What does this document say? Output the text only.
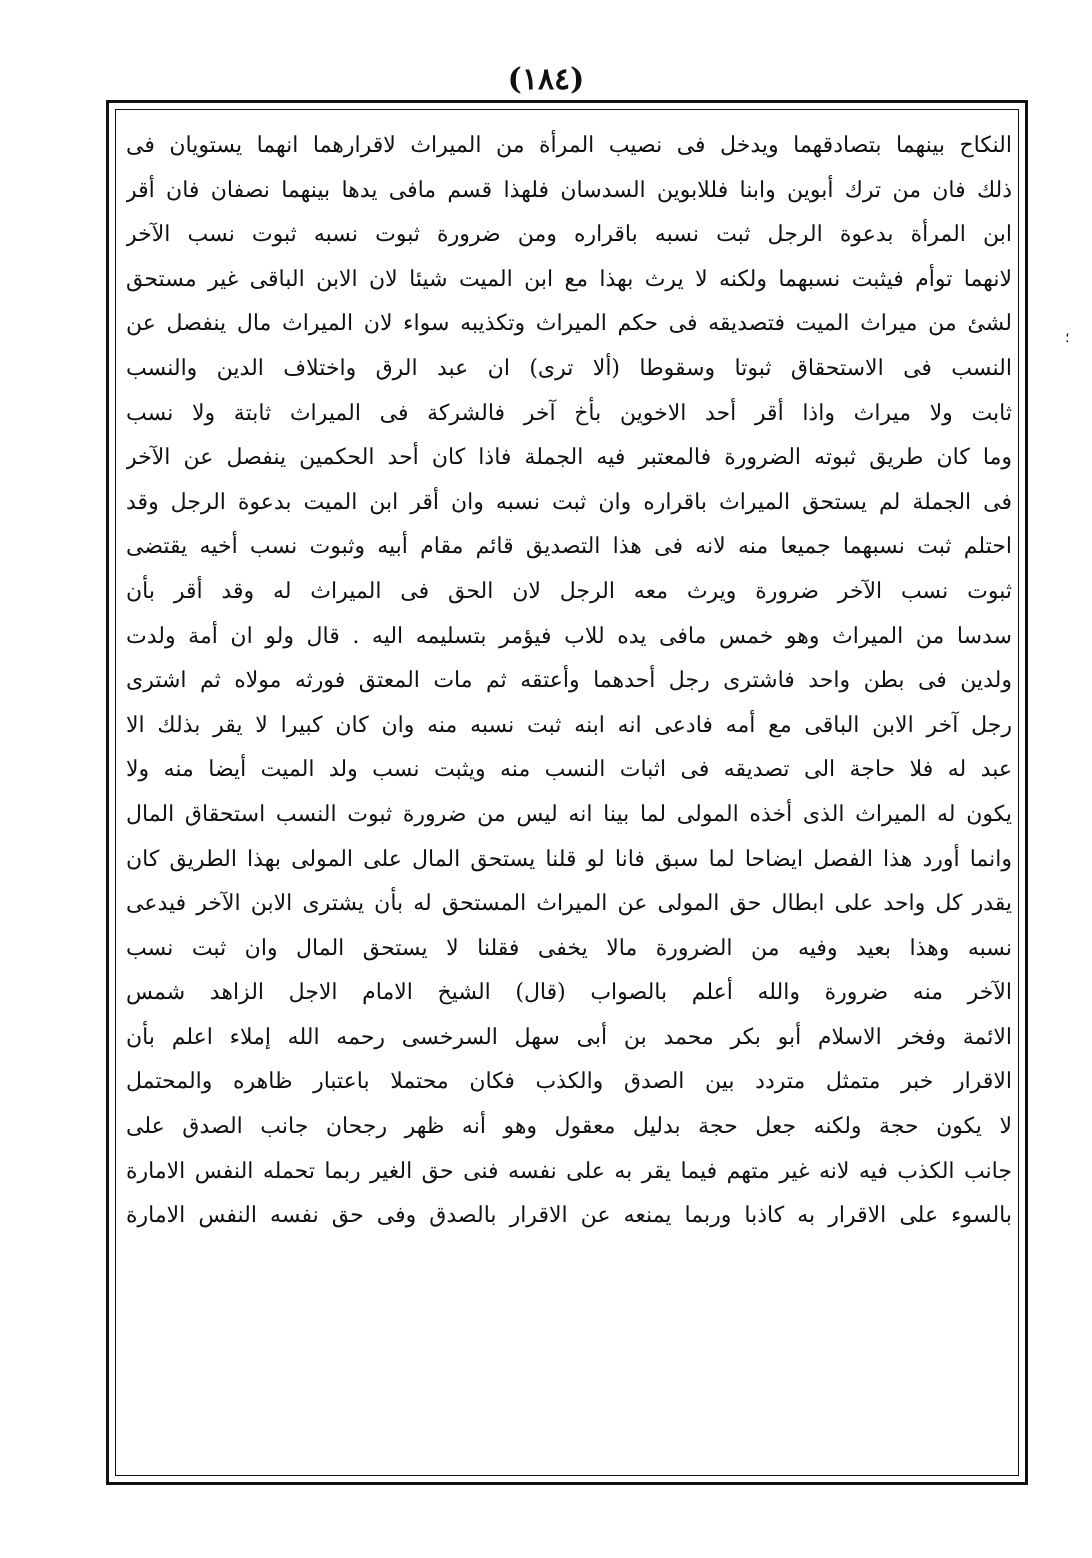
(١٨٤)
؛
النكاح بينهما بتصادقهما ويدخل فى نصيب المرأة من الميراث لاقرارهما انهما يستويان فى
ذلك فان من ترك أبوين وابنا فللابوين السدسان فلهذا قسم مافى يدها بينهما نصفان فان أقر
ابن المرأة بدعوة الرجل ثبت نسبه باقراره ومن ضرورة ثبوت نسبه ثبوت نسب الآخر
لانهما توأم فيثبت نسبهما ولكنه لا يرث بهذا مع ابن الميت شيئا لان الابن الباقى غير مستحق
لشئ من ميراث الميت فتصديقه فى حكم الميراث وتكذيبه سواء لان الميراث مال ينفصل عن
النسب فى الاستحقاق ثبوتا وسقوطا (ألا ترى) ان عبد الرق واختلاف الدين والنسب
ثابت ولا ميراث واذا أقر أحد الاخوين بأخ آخر فالشركة فى الميراث ثابتة ولا نسب
وما كان طريق ثبوته الضرورة فالمعتبر فيه الجملة فاذا كان أحد الحكمين ينفصل عن الآخر
فى الجملة لم يستحق الميراث باقراره وان ثبت نسبه وان أقر ابن الميت بدعوة الرجل وقد
احتلم ثبت نسبهما جميعا منه لانه فى هذا التصديق قائم مقام أبيه وثبوت نسب أخيه يقتضى
ثبوت نسب الآخر ضرورة ويرث معه الرجل لان الحق فى الميراث له وقد أقر بأن
سدسا من الميراث وهو خمس مافى يده للاب فيؤمر بتسليمه اليه . قال ولو ان أمة ولدت
ولدين فى بطن واحد فاشترى رجل أحدهما وأعتقه ثم مات المعتق فورثه مولاه ثم اشترى
رجل آخر الابن الباقى مع أمه فادعى انه ابنه ثبت نسبه منه وان كان كبيرا لا يقر بذلك الا
عبد له فلا حاجة الى تصديقه فى اثبات النسب منه ويثبت نسب ولد الميت أيضا منه ولا
يكون له الميراث الذى أخذه المولى لما بينا انه ليس من ضرورة ثبوت النسب استحقاق المال
وانما أورد هذا الفصل ايضاحا لما سبق فانا لو قلنا يستحق المال على المولى بهذا الطريق كان
يقدر كل واحد على ابطال حق المولى عن الميراث المستحق له بأن يشترى الابن الآخر فيدعى
نسبه وهذا بعيد وفيه من الضرورة مالا يخفى فقلنا لا يستحق المال وان ثبت نسب
الآخر منه ضرورة والله أعلم بالصواب (قال) الشيخ الامام الاجل الزاهد شمس
الائمة وفخر الاسلام أبو بكر محمد بن أبى سهل السرخسى رحمه الله إملاء اعلم بأن
الاقرار خبر متمثل متردد بين الصدق والكذب فكان محتملا باعتبار ظاهره والمحتمل
لا يكون حجة ولكنه جعل حجة بدليل معقول وهو أنه ظهر رجحان جانب الصدق على
جانب الكذب فيه لانه غير متهم فيما يقر به على نفسه فنى حق الغير ربما تحمله النفس الامارة
بالسوء على الاقرار به كاذبا وربما يمنعه عن الاقرار بالصدق وفى حق نفسه النفس الامارة
